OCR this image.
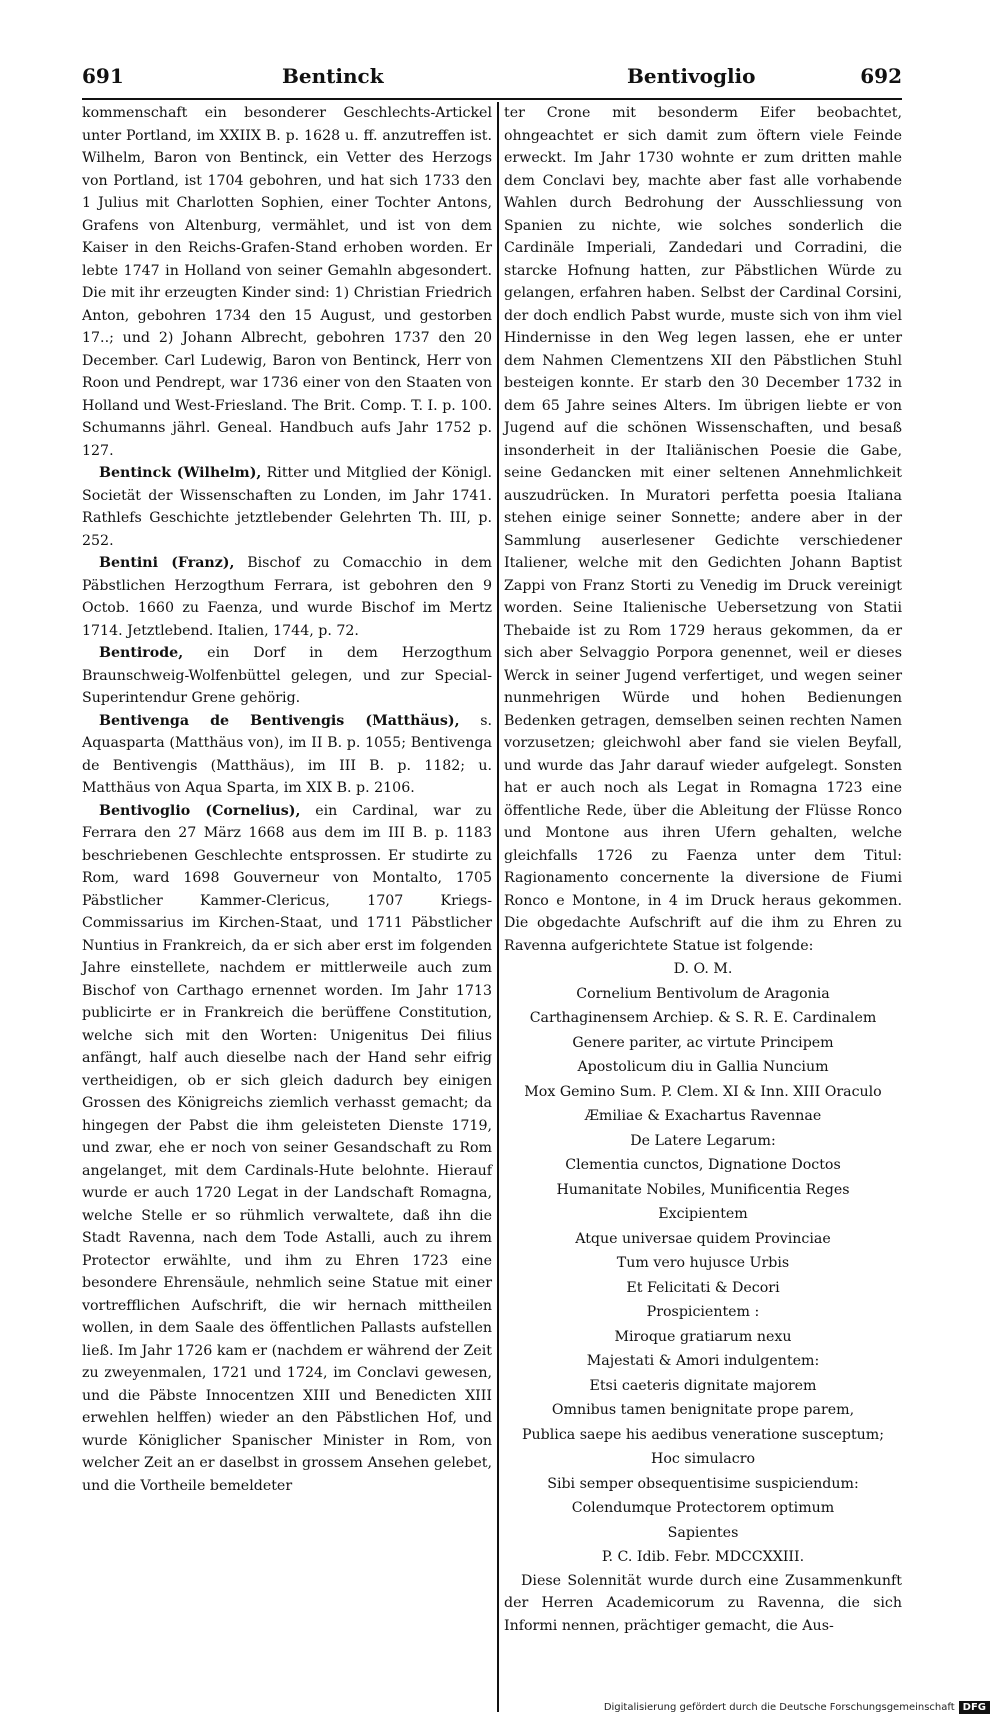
691	Bentinck	Bentivoglio	692

kommenschaft ein besonderer Geschlechts-Artickel unter Portland, im XXIIX B. p. 1628 u. ff. anzutreffen ist. Wilhelm, Baron von Bentinck, ein Vetter des Herzogs von Portland, ist 1704 gebohren, und hat sich 1733 den 1 Julius mit Charlotten Sophien, einer Tochter Antons, Grafens von Altenburg, vermählet, und ist von dem Kaiser in den Reichs-Grafen-Stand erhoben worden. Er lebte 1747 in Holland von seiner Gemahln abgesondert. Die mit ihr erzeugten Kinder sind: 1) Christian Friedrich Anton, gebohren 1734 den 15 August, und gestorben 17..; und 2) Johann Albrecht, gebohren 1737 den 20 December. Carl Ludewig, Baron von Bentinck, Herr von Roon und Pendrept, war 1736 einer von den Staaten von Holland und West-Friesland. The Brit. Comp. T. I. p. 100. Schumanns jährl. Geneal. Handbuch aufs Jahr 1752 p. 127.

Bentinck (Wilhelm), Ritter und Mitglied der Königl. Societät der Wissenschaften zu Londen, im Jahr 1741. Rathlefs Geschichte jetztlebender Gelehrten Th. III, p. 252.

Bentini (Franz), Bischof zu Comacchio in dem Päbstlichen Herzogthum Ferrara, ist gebohren den 9 Octob. 1660 zu Faenza, und wurde Bischof im Mertz 1714. Jetztlebend. Italien, 1744, p. 72.

Bentirode, ein Dorf in dem Herzogthum Braunschweig-Wolfenbüttel gelegen, und zur Special-Superintendur Grene gehörig.

Bentivenga de Bentivengis (Matthäus), s. Aquasparta (Matthäus von), im II B. p. 1055; Bentivenga de Bentivengis (Matthäus), im III B. p. 1182; u. Matthäus von Aqua Sparta, im XIX B. p. 2106.

Bentivoglio (Cornelius), ein Cardinal, war zu Ferrara den 27 März 1668 aus dem im III B. p. 1183 beschriebenen Geschlechte entsprossen. Er studirte zu Rom, ward 1698 Gouverneur von Montalto, 1705 Päbstlicher Kammer-Clericus, 1707 Kriegs-Commissarius im Kirchen-Staat, und 1711 Päbstlicher Nuntius in Frankreich, da er sich aber erst im folgenden Jahre einstellete, nachdem er mittlerweile auch zum Bischof von Carthago ernennet worden. Im Jahr 1713 publicirte er in Frankreich die berüffene Constitution, welche sich mit den Worten: Unigenitus Dei filius anfängt, half auch dieselbe nach der Hand sehr eifrig vertheidigen, ob er sich gleich dadurch bey einigen Grossen des Königreichs ziemlich verhasst gemacht; da hingegen der Pabst die ihm geleisteten Dienste 1719, und zwar, ehe er noch von seiner Gesandschaft zu Rom angelanget, mit dem Cardinals-Hute belohnte. Hierauf wurde er auch 1720 Legat in der Landschaft Romagna, welche Stelle er so rühmlich verwaltete, daß ihn die Stadt Ravenna, nach dem Tode Astalli, auch zu ihrem Protector erwählte, und ihm zu Ehren 1723 eine besondere Ehrensäule, nehmlich seine Statue mit einer vortrefflichen Aufschrift, die wir hernach mittheilen wollen, in dem Saale des öffentlichen Pallasts aufstellen ließ. Im Jahr 1726 kam er (nachdem er während der Zeit zu zweyenmalen, 1721 und 1724, im Conclavi gewesen, und die Päbste Innocentzen XIII und Benedicten XIII erwehlen helffen) wieder an den Päbstlichen Hof, und wurde Königlicher Spanischer Minister in Rom, von welcher Zeit an er daselbst in grossem Ansehen gelebet, und die Vortheile bemeldeter

ter Crone mit besonderm Eifer beobachtet, ohngeachtet er sich damit zum öftern viele Feinde erweckt. Im Jahr 1730 wohnte er zum dritten mahle dem Conclavi bey, machte aber fast alle vorhabende Wahlen durch Bedrohung der Ausschliessung von Spanien zu nichte, wie solches sonderlich die Cardinäle Imperiali, Zandedari und Corradini, die starcke Hofnung hatten, zur Päbstlichen Würde zu gelangen, erfahren haben. Selbst der Cardinal Corsini, der doch endlich Pabst wurde, muste sich von ihm viel Hindernisse in den Weg legen lassen, ehe er unter dem Nahmen Clementzens XII den Päbstlichen Stuhl besteigen konnte. Er starb den 30 December 1732 in dem 65 Jahre seines Alters. Im übrigen liebte er von Jugend auf die schönen Wissenschaften, und besaß insonderheit in der Italiänischen Poesie die Gabe, seine Gedancken mit einer seltenen Annehmlichkeit auszudrücken. In Muratori perfetta poesia Italiana stehen einige seiner Sonnette; andere aber in der Sammlung auserlesener Gedichte verschiedener Italiener, welche mit den Gedichten Johann Baptist Zappi von Franz Storti zu Venedig im Druck vereinigt worden. Seine Italienische Uebersetzung von Statii Thebaide ist zu Rom 1729 heraus gekommen, da er sich aber Selvaggio Porpora genennet, weil er dieses Werck in seiner Jugend verfertiget, und wegen seiner nunmehrigen Würde und hohen Bedienungen Bedenken getragen, demselben seinen rechten Namen vorzusetzen; gleichwohl aber fand sie vielen Beyfall, und wurde das Jahr darauf wieder aufgelegt. Sonsten hat er auch noch als Legat in Romagna 1723 eine öffentliche Rede, über die Ableitung der Flüsse Ronco und Montone aus ihren Ufern gehalten, welche gleichfalls 1726 zu Faenza unter dem Titul: Ragionamento concernente la diversione de Fiumi Ronco e Montone, in 4 im Druck heraus gekommen. Die obgedachte Aufschrift auf die ihm zu Ehren zu Ravenna aufgerichtete Statue ist folgende:

D. O. M.
Cornelium Bentivolum de Aragonia
Carthaginensem Archiep. & S. R. E. Cardinalem
Genere pariter, ac virtute Principem
Apostolicum diu in Gallia Nuncium
Mox Gemino Sum. P. Clem. XI & Inn. XIII Oraculo
Æmiliae & Exachartus Ravennae
De Latere Legarum:
Clementia cunctos, Dignatione Doctos
Humanitate Nobiles, Munificentia Reges
Excipientem
Atque universae quidem Provinciae
Tum vero hujusce Urbis
Et Felicitati & Decori
Prospicientem :
Miroque gratiarum nexu
Majestati & Amori indulgentem:
Etsi caeteris dignitate majorem
Omnibus tamen benignitate prope parem,
Publica saepe his aedibus veneratione susceptum;
Hoc simulacro
Sibi semper obsequentisime suspiciendum:
Colendumque Protectorem optimum
Sapientes
P. C. Idib. Febr. MDCCXXIII.

Diese Solennität wurde durch eine Zusammenkunft der Herren Academicorum zu Ravenna, die sich Informi nennen, prächtiger gemacht, die Aus-

Digitalisierung gefördert durch die Deutsche Forschungsgemeinschaft DFG
